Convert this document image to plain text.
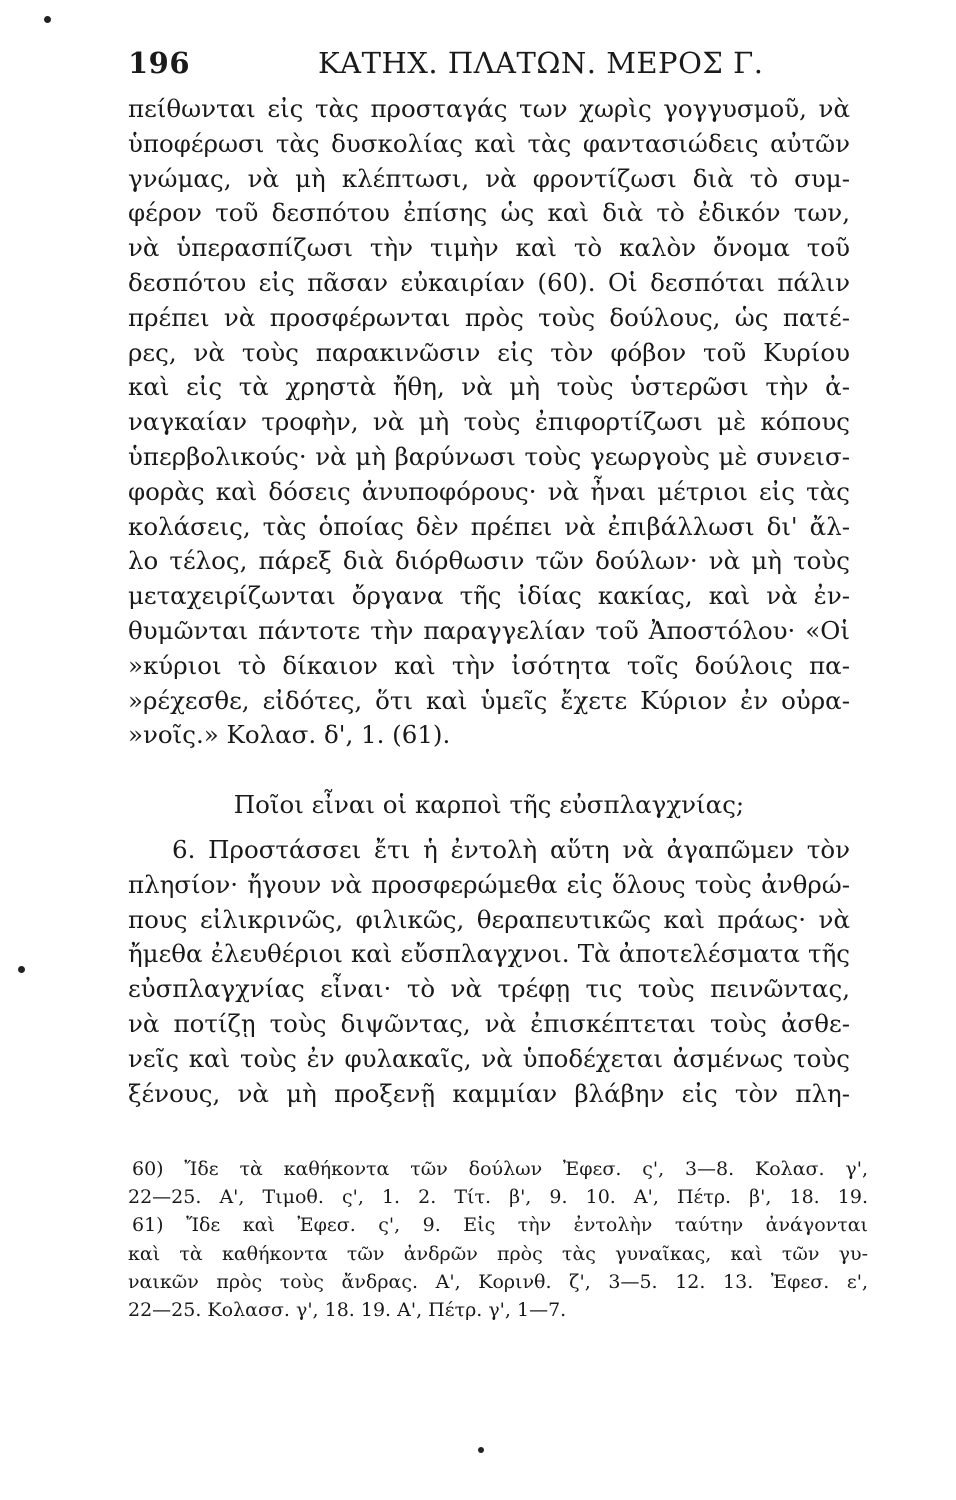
196	ΚΑΤΗΧ. ΠΛΑΤΩΝ. ΜΕΡΟΣ Γ.
πείθωνται εἰς τὰς προσταγάς των χωρὶς γογγυσμοῦ, νὰ
ὑποφέρωσι τὰς δυσκολίας καὶ τὰς φαντασιώδεις αὐτῶν
γνώμας, νὰ μὴ κλέπτωσι, νὰ φροντίζωσι διὰ τὸ συμ-
φέρον τοῦ δεσπότου ἐπίσης ὡς καὶ διὰ τὸ ἐδικόν των,
νὰ ὑπερασπίζωσι τὴν τιμὴν καὶ τὸ καλὸν ὄνομα τοῦ
δεσπότου εἰς πᾶσαν εὐκαιρίαν (60). Οἱ δεσπόται πάλιν
πρέπει νὰ προσφέρωνται πρὸς τοὺς δούλους, ὡς πατέ-
ρες, νὰ τοὺς παρακινῶσιν εἰς τὸν φόβον τοῦ Κυρίου
καὶ εἰς τὰ χρηστὰ ἤθη, νὰ μὴ τοὺς ὑστερῶσι τὴν ἀ-
ναγκαίαν τροφὴν, νὰ μὴ τοὺς ἐπιφορτίζωσι μὲ κόπους
ὑπερβολικούς· νὰ μὴ βαρύνωσι τοὺς γεωργοὺς μὲ συνεισ-
φορὰς καὶ δόσεις ἀνυποφόρους· νὰ ἦναι μέτριοι εἰς τὰς
κολάσεις, τὰς ὁποίας δὲν πρέπει νὰ ἐπιβάλλωσι δι' ἄλ-
λο τέλος, πάρεξ διὰ διόρθωσιν τῶν δούλων· νὰ μὴ τοὺς
μεταχειρίζωνται ὄργανα τῆς ἰδίας κακίας, καὶ νὰ ἐν-
θυμῶνται πάντοτε τὴν παραγγελίαν τοῦ Ἀποστόλου· «Οἱ
»κύριοι τὸ δίκαιον καὶ τὴν ἰσότητα τοῖς δούλοις πα-
»ρέχεσθε, εἰδότες, ὅτι καὶ ὑμεῖς ἔχετε Κύριον ἐν οὐρα-
»νοῖς.» Κολασ. δ', 1. (61).
Ποῖοι εἶναι οἱ καρποὶ τῆς εὐσπλαγχνίας;
6. Προστάσσει ἔτι ἡ ἐντολὴ αὕτη νὰ ἀγαπῶμεν τὸν
πλησίον· ἤγουν νὰ προσφερώμεθα εἰς ὅλους τοὺς ἀνθρώ-
πους εἰλικρινῶς, φιλικῶς, θεραπευτικῶς καὶ πράως· νὰ
ἤμεθα ἐλευθέριοι καὶ εὔσπλαγχνοι. Τὰ ἀποτελέσματα τῆς
εὐσπλαγχνίας εἶναι· τὸ νὰ τρέφῃ τις τοὺς πεινῶντας,
νὰ ποτίζῃ τοὺς διψῶντας, νὰ ἐπισκέπτεται τοὺς ἀσθε-
νεῖς καὶ τοὺς ἐν φυλακαῖς, νὰ ὑποδέχεται ἀσμένως τοὺς
ξένους, νὰ μὴ προξενῇ καμμίαν βλάβην εἰς τὸν πλη-
60) Ἴδε τὰ καθήκοντα τῶν δούλων Ἐφεσ. ς', 3—8. Κολασ. γ',
22—25. Α', Τιμοθ. ς', 1. 2. Τίτ. β', 9. 10. Α', Πέτρ. β', 18. 19.
61) Ἴδε καὶ Ἐφεσ. ς', 9. Εἰς τὴν ἐντολὴν ταύτην ἀνάγονται
καὶ τὰ καθήκοντα τῶν ἀνδρῶν πρὸς τὰς γυναῖκας, καὶ τῶν γυ-
ναικῶν πρὸς τοὺς ἄνδρας. Α', Κορινθ. ζ', 3—5. 12. 13. Ἐφεσ. ε',
22—25. Κολασσ. γ', 18. 19. Α', Πέτρ. γ', 1—7.
